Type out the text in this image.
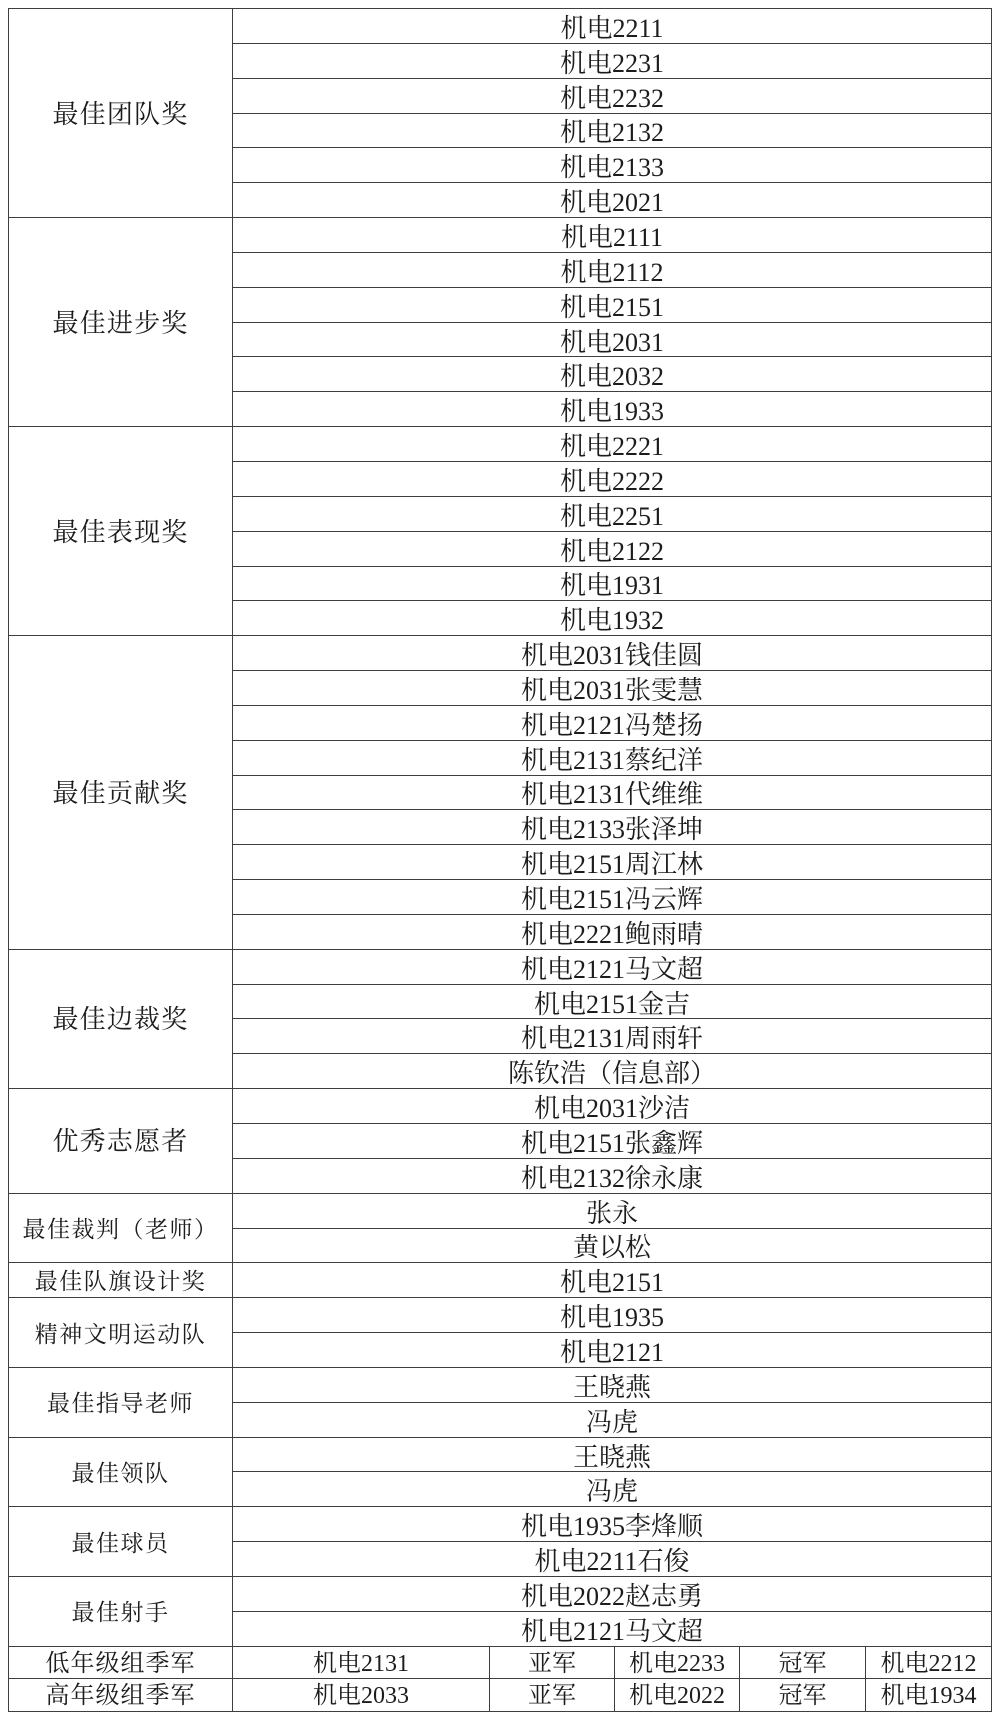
最佳团队奖	机电2211				
	机电2231				
	机电2232				
	机电2132				
	机电2133				
	机电2021				
最佳进步奖	机电2111				
	机电2112				
	机电2151				
	机电2031				
	机电2032				
	机电1933				
最佳表现奖	机电2221				
	机电2222				
	机电2251				
	机电2122				
	机电1931				
	机电1932				
最佳贡献奖	机电2031钱佳圆				
	机电2031张雯慧				
	机电2121冯楚扬				
	机电2131蔡纪洋				
	机电2131代维维				
	机电2133张泽坤				
	机电2151周江林				
	机电2151冯云辉				
	机电2221鲍雨晴				
最佳边裁奖	机电2121马文超				
	机电2151金吉				
	机电2131周雨轩				
	陈钦浩（信息部）				
优秀志愿者	机电2031沙洁				
	机电2151张鑫辉				
	机电2132徐永康				
最佳裁判（老师）	张永				
	黄以松				
最佳队旗设计奖	机电2151				
精神文明运动队	机电1935				
	机电2121				
最佳指导老师	王晓燕				
	冯虎				
最佳领队	王晓燕				
	冯虎				
最佳球员	机电1935李烽顺				
	机电2211石俊				
最佳射手	机电2022赵志勇				
	机电2121马文超				
低年级组季军	机电2131	亚军	机电2233	冠军	机电2212
高年级组季军	机电2033	亚军	机电2022	冠军	机电1934
